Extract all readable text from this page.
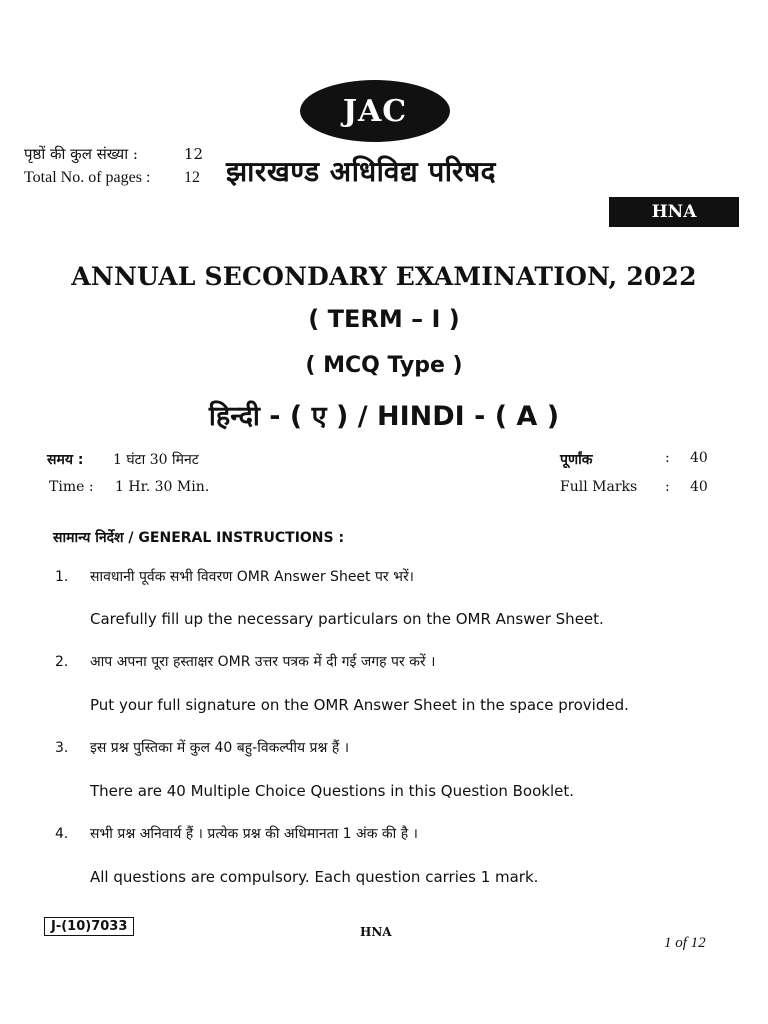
JAC
पृष्ठों की कुल संख्या :	12
Total No. of pages : 12 झारखण्ड अधिविद्य परिषद
HNA
ANNUAL SECONDARY EXAMINATION, 2022
( TERM – I )
( MCQ Type )
हिन्दी - ( ए ) / HINDI - ( A )
समय : 1 घंटा 30 मिनट
Time : 1 Hr. 30 Min.
पूर्णांक	: 40
Full Marks : 40
सामान्य निर्देश / GENERAL INSTRUCTIONS :
1. सावधानी पूर्वक सभी विवरण OMR Answer Sheet पर भरें।
Carefully fill up the necessary particulars on the OMR Answer Sheet.
2. आप अपना पूरा हस्ताक्षर OMR उत्तर पत्रक में दी गई जगह पर करें ।
Put your full signature on the OMR Answer Sheet in the space provided.
3. इस प्रश्न पुस्तिका में कुल 40 बहु-विकल्पीय प्रश्न हैं ।
There are 40 Multiple Choice Questions in this Question Booklet.
4. सभी प्रश्न अनिवार्य हैं । प्रत्येक प्रश्न की अधिमानता 1 अंक की है ।
All questions are compulsory. Each question carries 1 mark.
J-(10)7033	HNA
1 of 12
